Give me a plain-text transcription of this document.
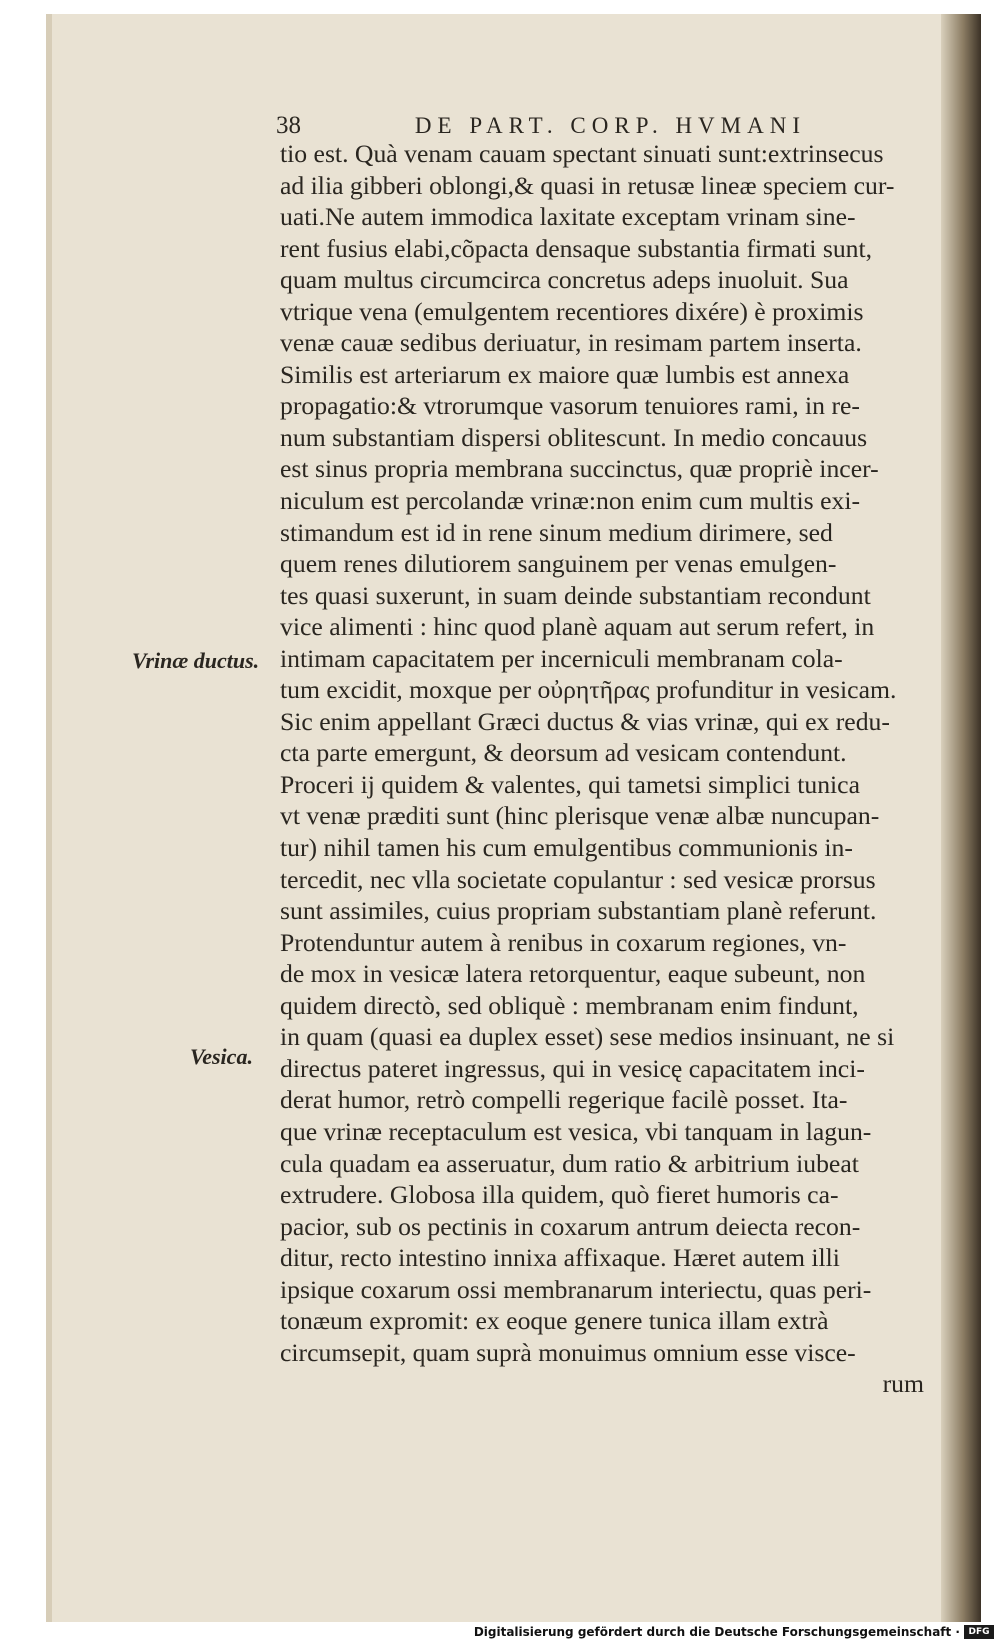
38	DE PART. CORP. HVMANI
Vrinæ ductus.
Vesica.
tio est. Quà venam cauam spectant sinuati sunt:extrinsecus
ad ilia gibberi oblongi,& quasi in retusæ lineæ speciem cur-
uati.Ne autem immodica laxitate exceptam vrinam sine-
rent fusius elabi,cõpacta densaque substantia firmati sunt,
quam multus circumcirca concretus adeps inuoluit. Sua
vtrique vena (emulgentem recentiores dixére) è proximis
venæ cauæ sedibus deriuatur, in resimam partem inserta.
Similis est arteriarum ex maiore quæ lumbis est annexa
propagatio:& vtrorumque vasorum tenuiores rami, in re-
num substantiam dispersi oblitescunt. In medio concauus
est sinus propria membrana succinctus, quæ propriè incer-
niculum est percolandæ vrinæ:non enim cum multis exi-
stimandum est id in rene sinum medium dirimere, sed
quem renes dilutiorem sanguinem per venas emulgen-
tes quasi suxerunt, in suam deinde substantiam recondunt
vice alimenti : hinc quod planè aquam aut serum refert, in
intimam capacitatem per incerniculi membranam cola-
tum excidit, moxque per οὐρητῆρας profunditur in vesicam.
Sic enim appellant Græci ductus & vias vrinæ, qui ex redu-
cta parte emergunt, & deorsum ad vesicam contendunt.
Proceri ij quidem & valentes, qui tametsi simplici tunica
vt venæ præditi sunt (hinc plerisque venæ albæ nuncupan-
tur) nihil tamen his cum emulgentibus communionis in-
tercedit, nec vlla societate copulantur : sed vesicæ prorsus
sunt assimiles, cuius propriam substantiam planè referunt.
Protenduntur autem à renibus in coxarum regiones, vn-
de mox in vesicæ latera retorquentur, eaque subeunt, non
quidem directò, sed obliquè : membranam enim findunt,
in quam (quasi ea duplex esset) sese medios insinuant, ne si
directus pateret ingressus, qui in vesicę capacitatem inci-
derat humor, retrò compelli regerique facilè posset. Ita-
que vrinæ receptaculum est vesica, vbi tanquam in lagun-
cula quadam ea asseruatur, dum ratio & arbitrium iubeat
extrudere. Globosa illa quidem, quò fieret humoris ca-
pacior, sub os pectinis in coxarum antrum deiecta recon-
ditur, recto intestino innixa affixaque. Hæret autem illi
ipsique coxarum ossi membranarum interiectu, quas peri-
tonæum expromit: ex eoque genere tunica illam extrà
circumsepit, quam suprà monuimus omnium esse visce-
rum
Digitalisierung gefördert durch die Deutsche Forschungsgemeinschaft · DFG
